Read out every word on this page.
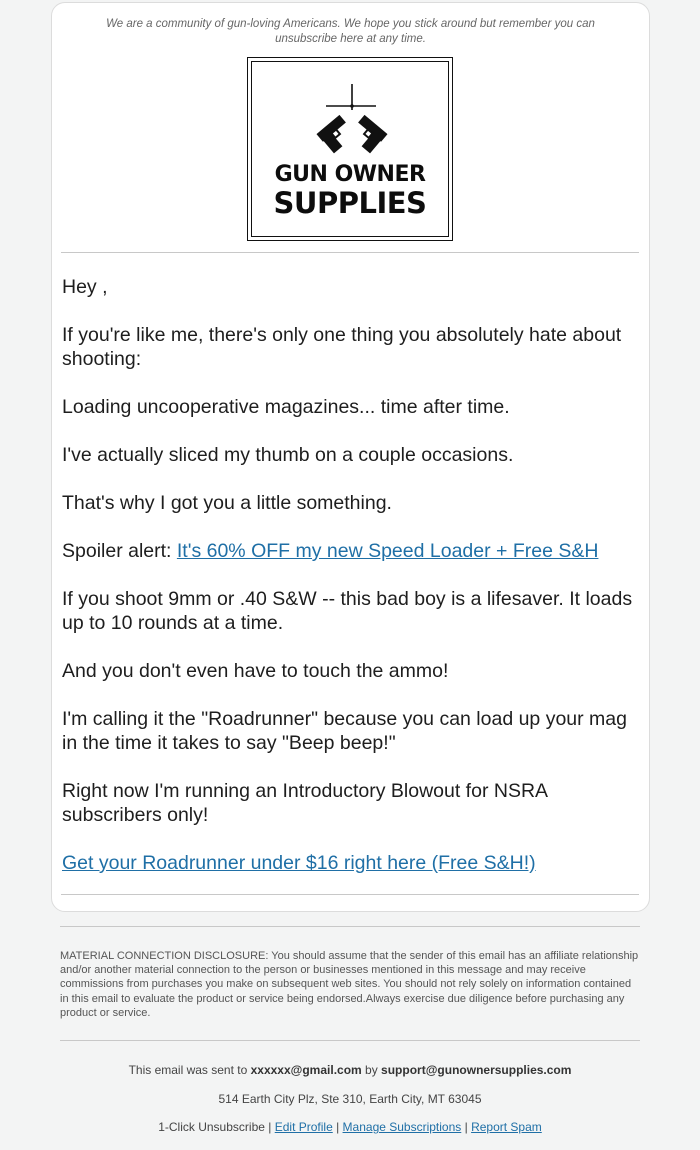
We are a community of gun-loving Americans. We hope you stick around but remember you can unsubscribe here at any time.
GUN OWNER
SUPPLIES

Hey ,

If you're like me, there's only one thing you absolutely hate about shooting:

Loading uncooperative magazines... time after time.

I've actually sliced my thumb on a couple occasions.

That's why I got you a little something.

Spoiler alert: It's 60% OFF my new Speed Loader + Free S&H

If you shoot 9mm or .40 S&W -- this bad boy is a lifesaver. It loads up to 10 rounds at a time.

And you don't even have to touch the ammo!

I'm calling it the "Roadrunner" because you can load up your mag in the time it takes to say "Beep beep!"

Right now I'm running an Introductory Blowout for NSRA subscribers only!

Get your Roadrunner under $16 right here (Free S&H!)

MATERIAL CONNECTION DISCLOSURE: You should assume that the sender of this email has an affiliate relationship and/or another material connection to the person or businesses mentioned in this message and may receive commissions from purchases you make on subsequent web sites. You should not rely solely on information contained in this email to evaluate the product or service being endorsed.Always exercise due diligence before purchasing any product or service.
This email was sent to xxxxxx@gmail.com by support@gunownersupplies.com
514 Earth City Plz, Ste 310, Earth City, MT 63045
1-Click Unsubscribe | Edit Profile | Manage Subscriptions | Report Spam
